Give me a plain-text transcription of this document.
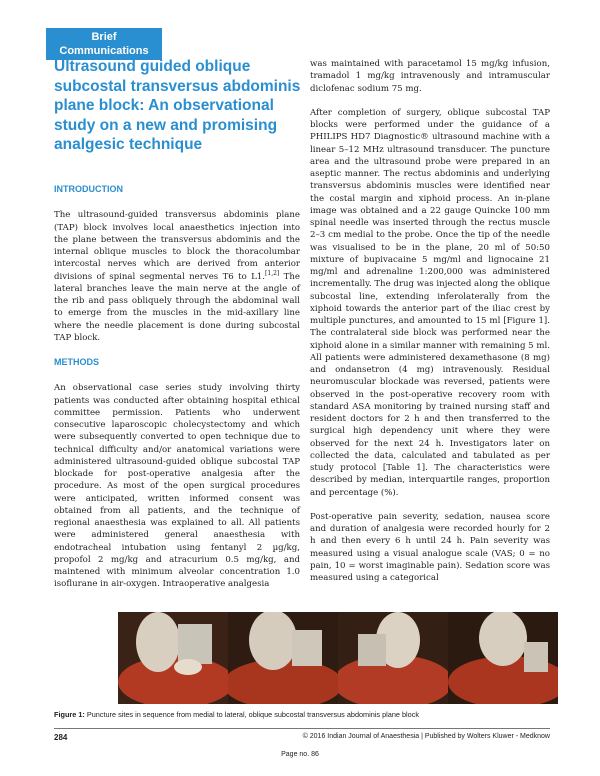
Brief
Communications
Ultrasound guided oblique
subcostal transversus abdominis
plane block: An observational
study on a new and promising
analgesic technique
INTRODUCTION

The ultrasound-guided transversus abdominis plane (TAP) block involves local anaesthetics injection into the plane between the transversus abdominis and the internal oblique muscles to block the thoracolumbar intercostal nerves which are derived from anterior divisions of spinal segmental nerves T6 to L1.[1,2] The lateral branches leave the main nerve at the angle of the rib and pass obliquely through the abdominal wall to emerge from the muscles in the mid-axillary line where the needle placement is done during subcostal TAP block.

METHODS

An observational case series study involving thirty patients was conducted after obtaining hospital ethical committee permission. Patients who underwent consecutive laparoscopic cholecystectomy and which were subsequently converted to open technique due to technical difficulty and/or anatomical variations were administered ultrasound-guided oblique subcostal TAP blockade for post-operative analgesia after the procedure. As most of the open surgical procedures were anticipated, written informed consent was obtained from all patients, and the technique of regional anaesthesia was explained to all. All patients were administered general anaesthesia with endotracheal intubation using fentanyl 2 µg/kg, propofol 2 mg/kg and atracurium 0.5 mg/kg, and maintened with minimum alveolar concentration 1.0 isoflurane in air-oxygen. Intraoperative analgesia

was maintained with paracetamol 15 mg/kg infusion, tramadol 1 mg/kg intravenously and intramuscular diclofenac sodium 75 mg.

After completion of surgery, oblique subcostal TAP blocks were performed under the guidance of a PHILIPS HD7 Diagnostic® ultrasound machine with a linear 5–12 MHz ultrasound transducer. The puncture area and the ultrasound probe were prepared in an aseptic manner. The rectus abdominis and underlying transversus abdominis muscles were identified near the costal margin and xiphoid process. An in-plane image was obtained and a 22 gauge Quincke 100 mm spinal needle was inserted through the rectus muscle 2–3 cm medial to the probe. Once the tip of the needle was visualised to be in the plane, 20 ml of 50:50 mixture of bupivacaine 5 mg/ml and lignocaine 21 mg/ml and adrenaline 1:200,000 was administered incrementally. The drug was injected along the oblique subcostal line, extending inferolaterally from the xiphoid towards the anterior part of the iliac crest by multiple punctures, and amounted to 15 ml [Figure 1]. The contralateral side block was performed near the xiphoid alone in a similar manner with remaining 5 ml. All patients were administered dexamethasone (8 mg) and ondansetron (4 mg) intravenously. Residual neuromuscular blockade was reversed, patients were observed in the post-operative recovery room with standard ASA monitoring by trained nursing staff and resident doctors for 2 h and then transferred to the surgical high dependency unit where they were observed for the next 24 h. Investigators later on collected the data, calculated and tabulated as per study protocol [Table 1]. The characteristics were described by median, interquartile ranges, proportion and percentage (%).

Post-operative pain severity, sedation, nausea score and duration of analgesia were recorded hourly for 2 h and then every 6 h until 24 h. Pain severity was measured using a visual analogue scale (VAS; 0 = no pain, 10 = worst imaginable pain). Sedation score was measured using a categorical

Figure 1: Puncture sites in sequence from medial to lateral, oblique subcostal transversus abdominis plane block
284	© 2016 Indian Journal of Anaesthesia | Published by Wolters Kluwer - Medknow
Page no. 86
